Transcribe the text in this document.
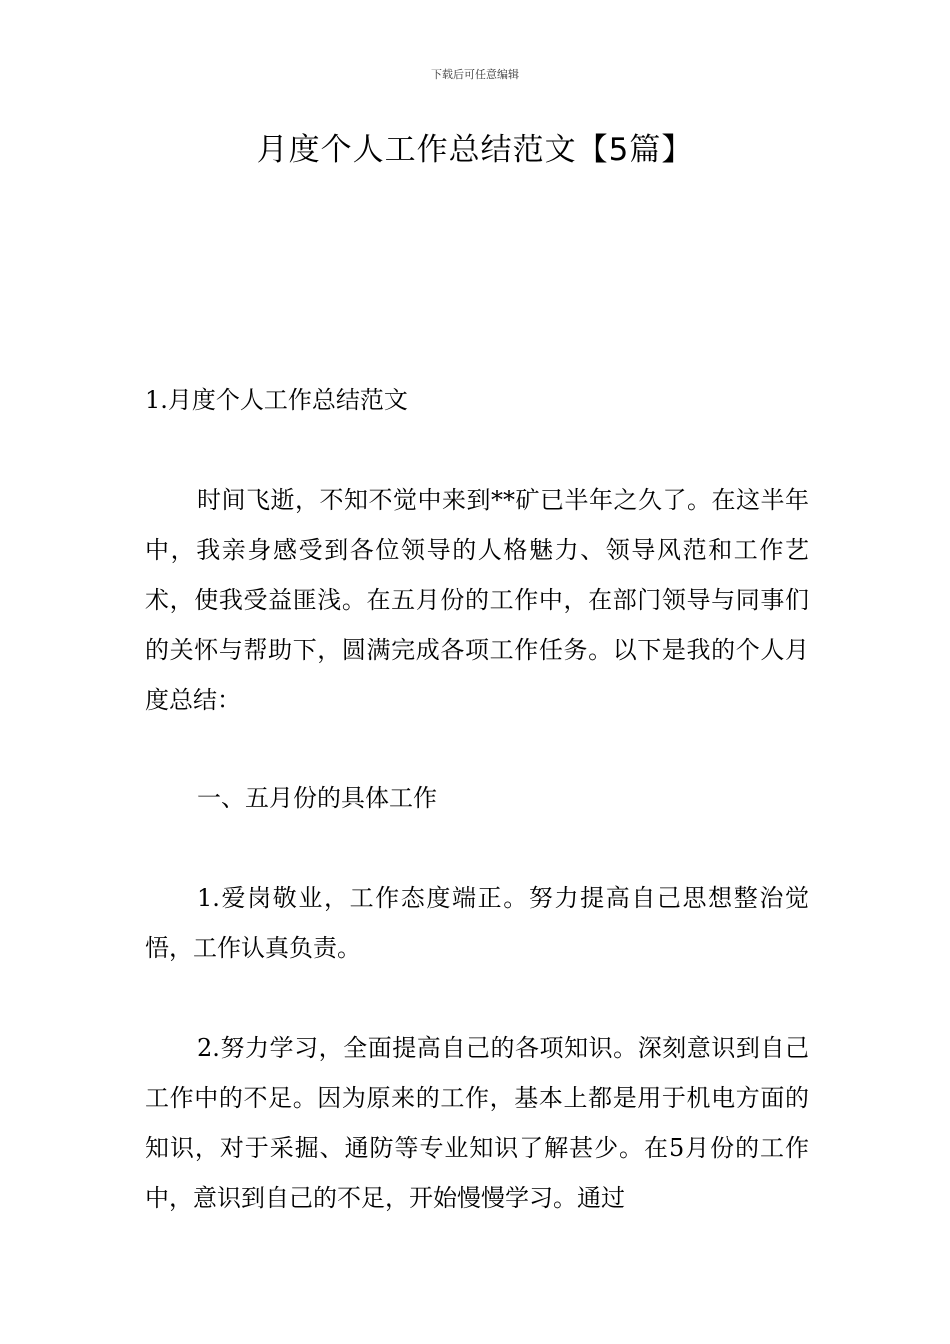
下载后可任意编辑
月度个人工作总结范文【5篇】

1.月度个人工作总结范文

时间飞逝，不知不觉中来到**矿已半年之久了。在这半年中，我亲身感受到各位领导的人格魅力、领导风范和工作艺术，使我受益匪浅。在五月份的工作中，在部门领导与同事们的关怀与帮助下，圆满完成各项工作任务。以下是我的个人月度总结：

一、五月份的具体工作

1.爱岗敬业，工作态度端正。努力提高自己思想整治觉悟，工作认真负责。

2.努力学习，全面提高自己的各项知识。深刻意识到自己工作中的不足。因为原来的工作，基本上都是用于机电方面的知识，对于采掘、通防等专业知识了解甚少。在5月份的工作中，意识到自己的不足，开始慢慢学习。通过
